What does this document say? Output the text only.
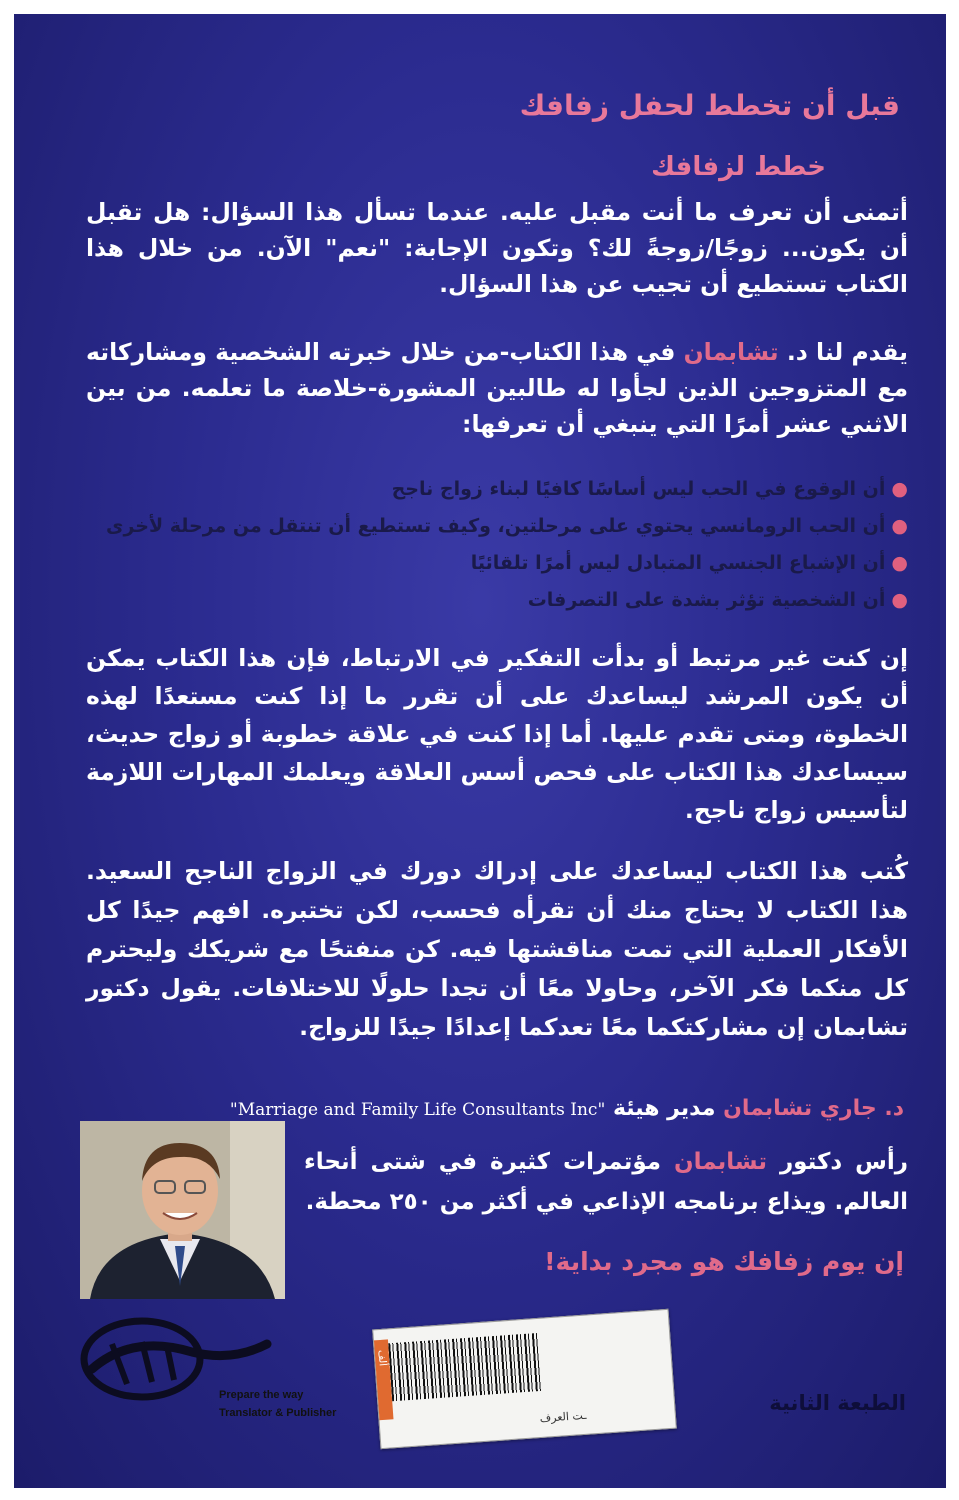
قبل أن تخطط لحفل زفافك
خطط لزفافك
أتمنى أن تعرف ما أنت مقبل عليه. عندما تسأل هذا السؤال: هل تقبل أن يكون... زوجًا/زوجةً لك؟ وتكون الإجابة: "نعم" الآن. من خلال هذا الكتاب تستطيع أن تجيب عن هذا السؤال.
يقدم لنا د. تشابمان في هذا الكتاب-من خلال خبرته الشخصية ومشاركاته مع المتزوجين الذين لجأوا له طالبين المشورة-خلاصة ما تعلمه. من بين الاثني عشر أمرًا التي ينبغي أن تعرفها:
●أن الوقوع في الحب ليس أساسًا كافيًا لبناء زواج ناجح
●أن الحب الرومانسي يحتوي على مرحلتين، وكيف تستطيع أن تنتقل من مرحلة لأخرى
●أن الإشباع الجنسي المتبادل ليس أمرًا تلقائيًا
●أن الشخصية تؤثر بشدة على التصرفات
إن كنت غير مرتبط أو بدأت التفكير في الارتباط، فإن هذا الكتاب يمكن أن يكون المرشد ليساعدك على أن تقرر ما إذا كنت مستعدًا لهذه الخطوة، ومتى تقدم عليها. أما إذا كنت في علاقة خطوبة أو زواج حديث، سيساعدك هذا الكتاب على فحص أسس العلاقة ويعلمك المهارات اللازمة لتأسيس زواج ناجح.
كُتب هذا الكتاب ليساعدك على إدراك دورك في الزواج الناجح السعيد. هذا الكتاب لا يحتاج منك أن تقرأه فحسب، لكن تختبره. افهم جيدًا كل الأفكار العملية التي تمت مناقشتها فيه. كن منفتحًا مع شريكك وليحترم كل منكما فكر الآخر، وحاولا معًا أن تجدا حلولًا للاختلافات. يقول دكتور تشابمان إن مشاركتكما معًا تعدكما إعدادًا جيدًا للزواج.
د. جاري تشابمان مدير هيئة "Marriage and Family Life Consultants Inc"
رأس دكتور تشابمان مؤتمرات كثيرة في شتى أنحاء العالم. ويذاع برنامجه الإذاعي في أكثر من ٢٥٠ محطة.
إن يوم زفافك هو مجرد بداية!
Prepare the way
Translator & Publisher
ألف
ـت العرف
الطبعة الثانية
